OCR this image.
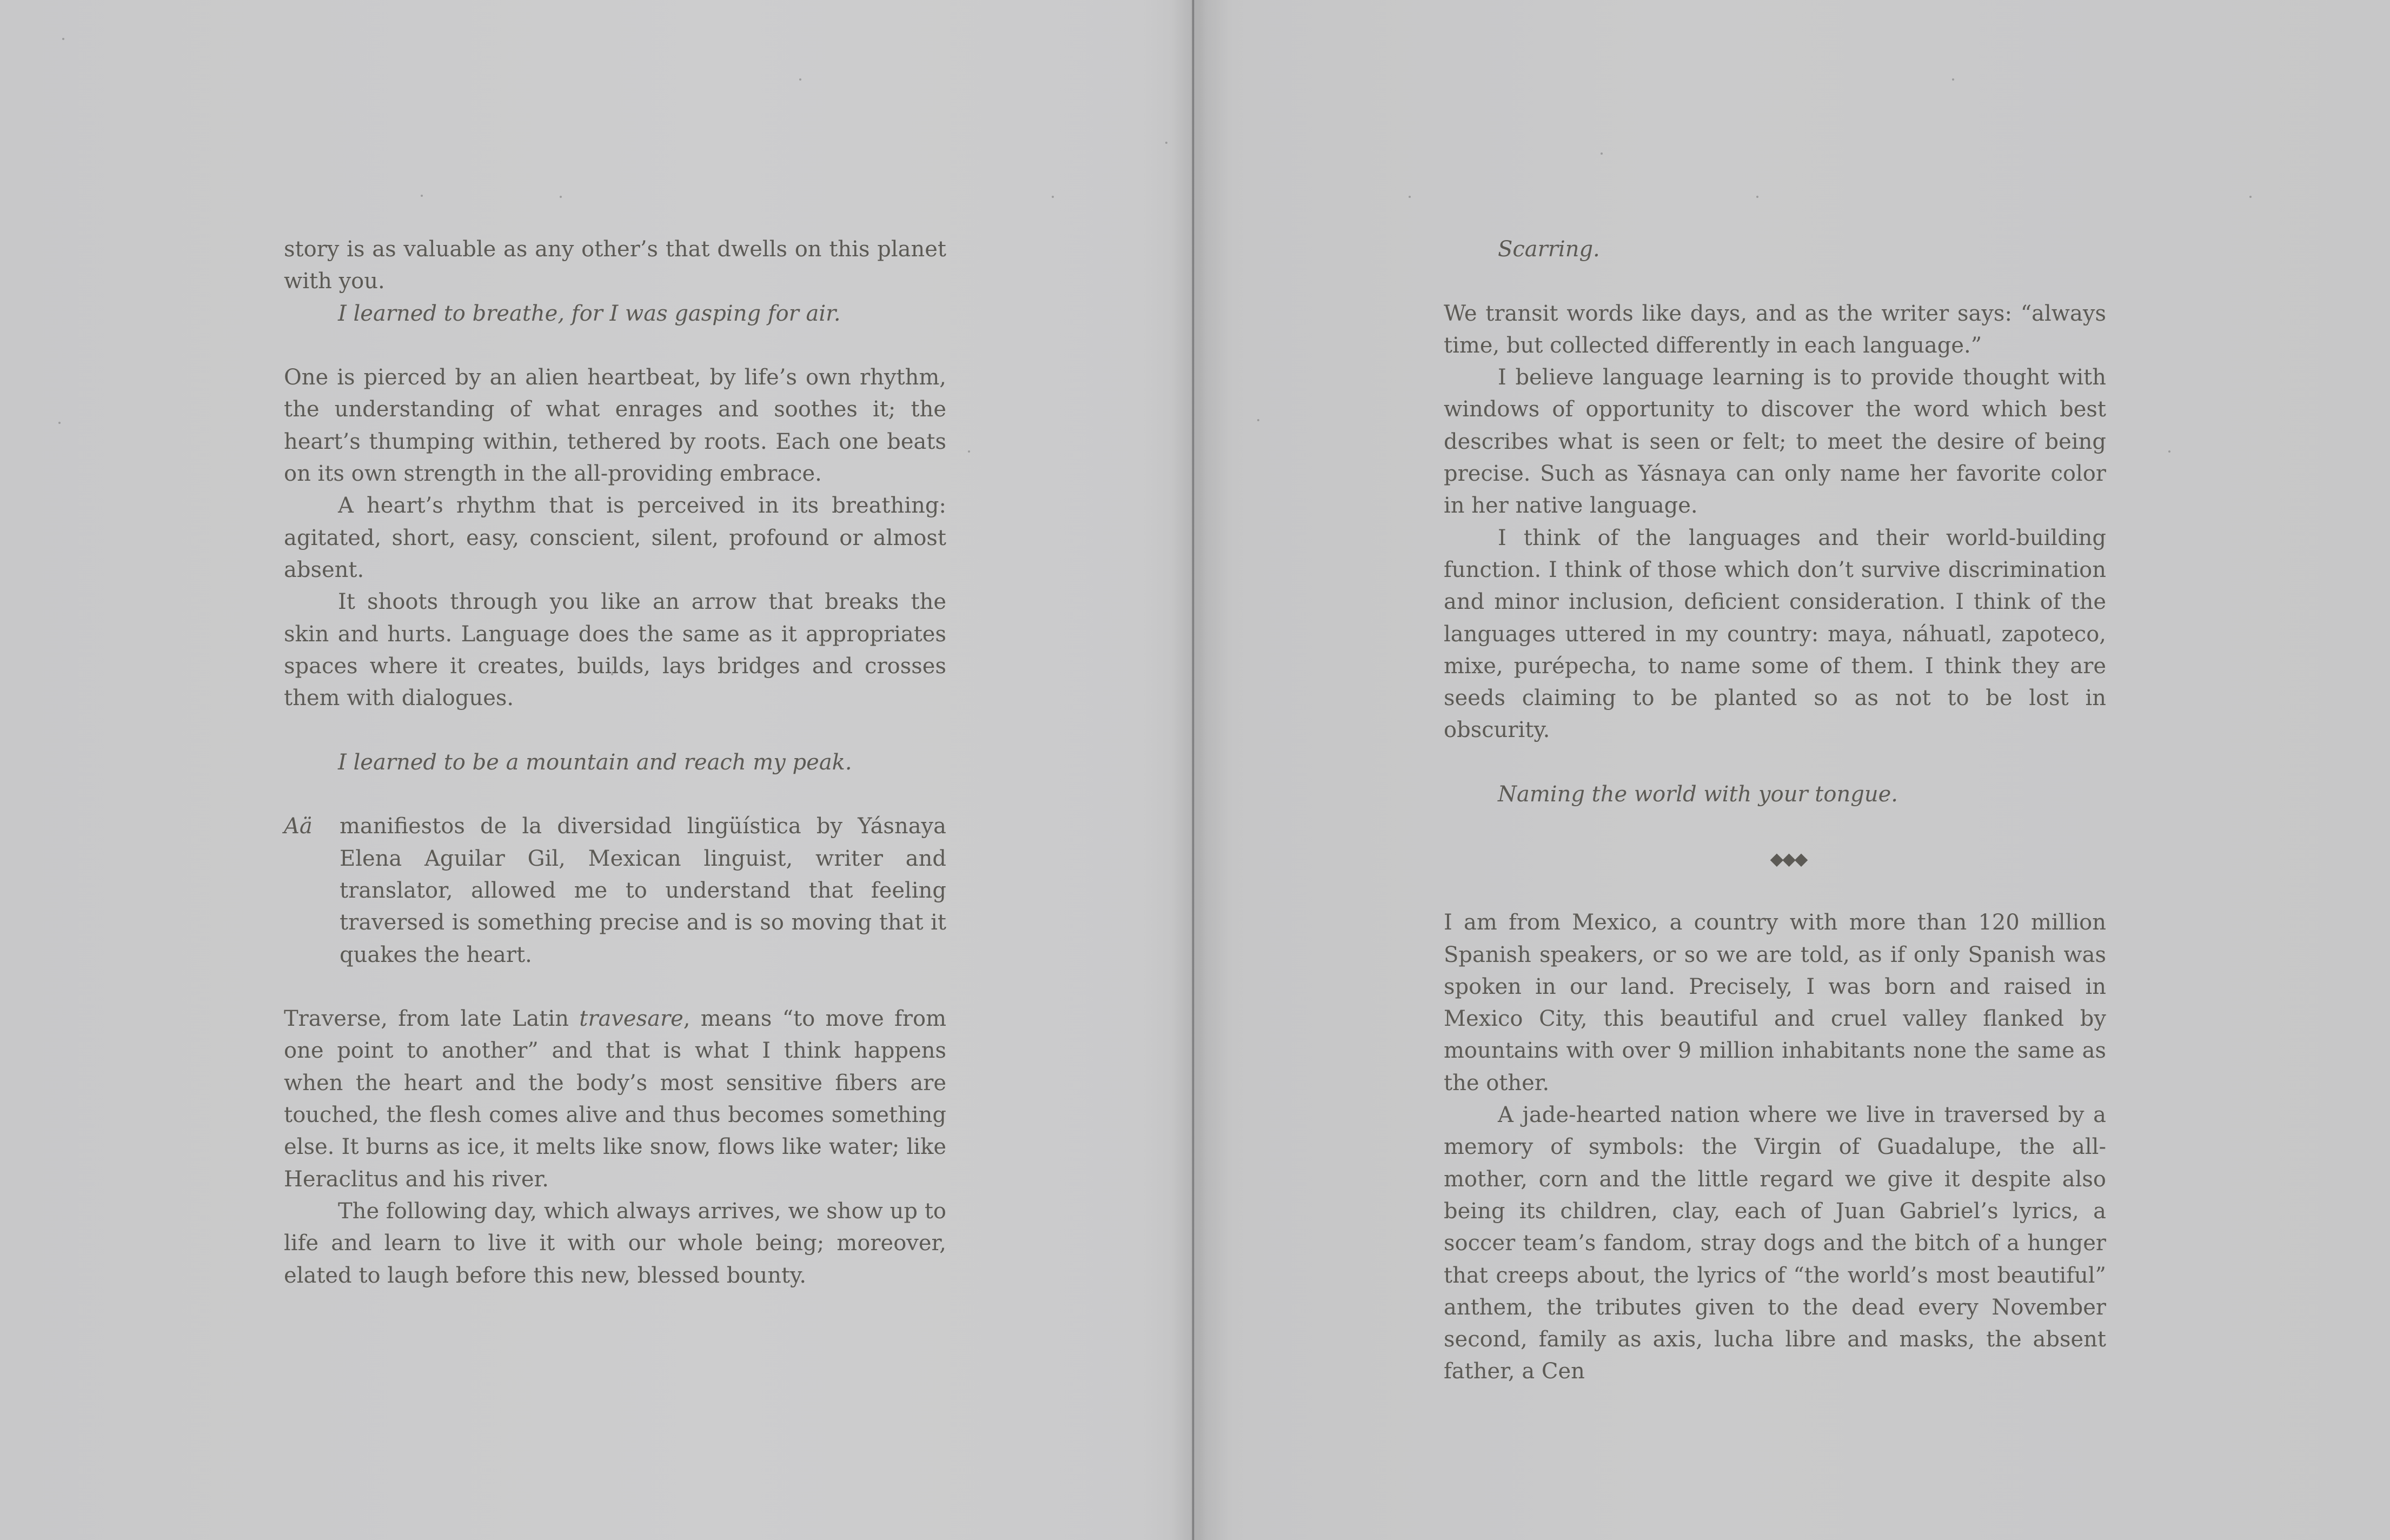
story is as valuable as any other’s that dwells on this planet with you.

I learned to breathe, for I was gasping for air.

One is pierced by an alien heartbeat, by life’s own rhythm, the understanding of what enrages and soothes it; the heart’s thumping within, tethered by roots. Each one beats on its own strength in the all-providing embrace.

A heart’s rhythm that is perceived in its breathing: agitated, short, easy, conscient, silent, profound or almost absent.

It shoots through you like an arrow that breaks the skin and hurts. Language does the same as it appropriates spaces where it creates, builds, lays bridges and crosses them with dialogues.

I learned to be a mountain and reach my peak.
Aä manifiestos de la diversidad lingüística by Yásnaya Elena Aguilar Gil, Mexican linguist, writer and translator, allowed me to understand that feeling traversed is something precise and is so moving that it quakes the heart.

Traverse, from late Latin travesare, means “to move from one point to another” and that is what I think happens when the heart and the body’s most sensitive fibers are touched, the flesh comes alive and thus becomes something else. It burns as ice, it melts like snow, flows like water; like Heraclitus and his river.

The following day, which always arrives, we show up to life and learn to live it with our whole being; moreover, elated to laugh before this new, blessed bounty.

Scarring.

We transit words like days, and as the writer says: “always time, but collected differently in each language.”

I believe language learning is to provide thought with windows of opportunity to discover the word which best describes what is seen or felt; to meet the desire of being precise. Such as Yásnaya can only name her favorite color in her native language.

I think of the languages and their world-building function. I think of those which don’t survive discrimination and minor inclusion, deficient consideration. I think of the languages uttered in my country: maya, náhuatl, zapoteco, mixe, purépecha, to name some of them. I think they are seeds claiming to be planted so as not to be lost in obscurity.

Naming the world with your tongue.
◆◆◆

I am from Mexico, a country with more than 120 million Spanish speakers, or so we are told, as if only Spanish was spoken in our land. Precisely, I was born and raised in Mexico City, this beautiful and cruel valley flanked by mountains with over 9 million inhabitants none the same as the other.

A jade-hearted nation where we live in traversed by a memory of symbols: the Virgin of Guadalupe, the all-mother, corn and the little regard we give it despite also being its children, clay, each of Juan Gabriel’s lyrics, a soccer team’s fandom, stray dogs and the bitch of a hunger that creeps about, the lyrics of “the world’s most beautiful” anthem, the tributes given to the dead every November second, family as axis, lucha libre and masks, the absent father, a Cen
